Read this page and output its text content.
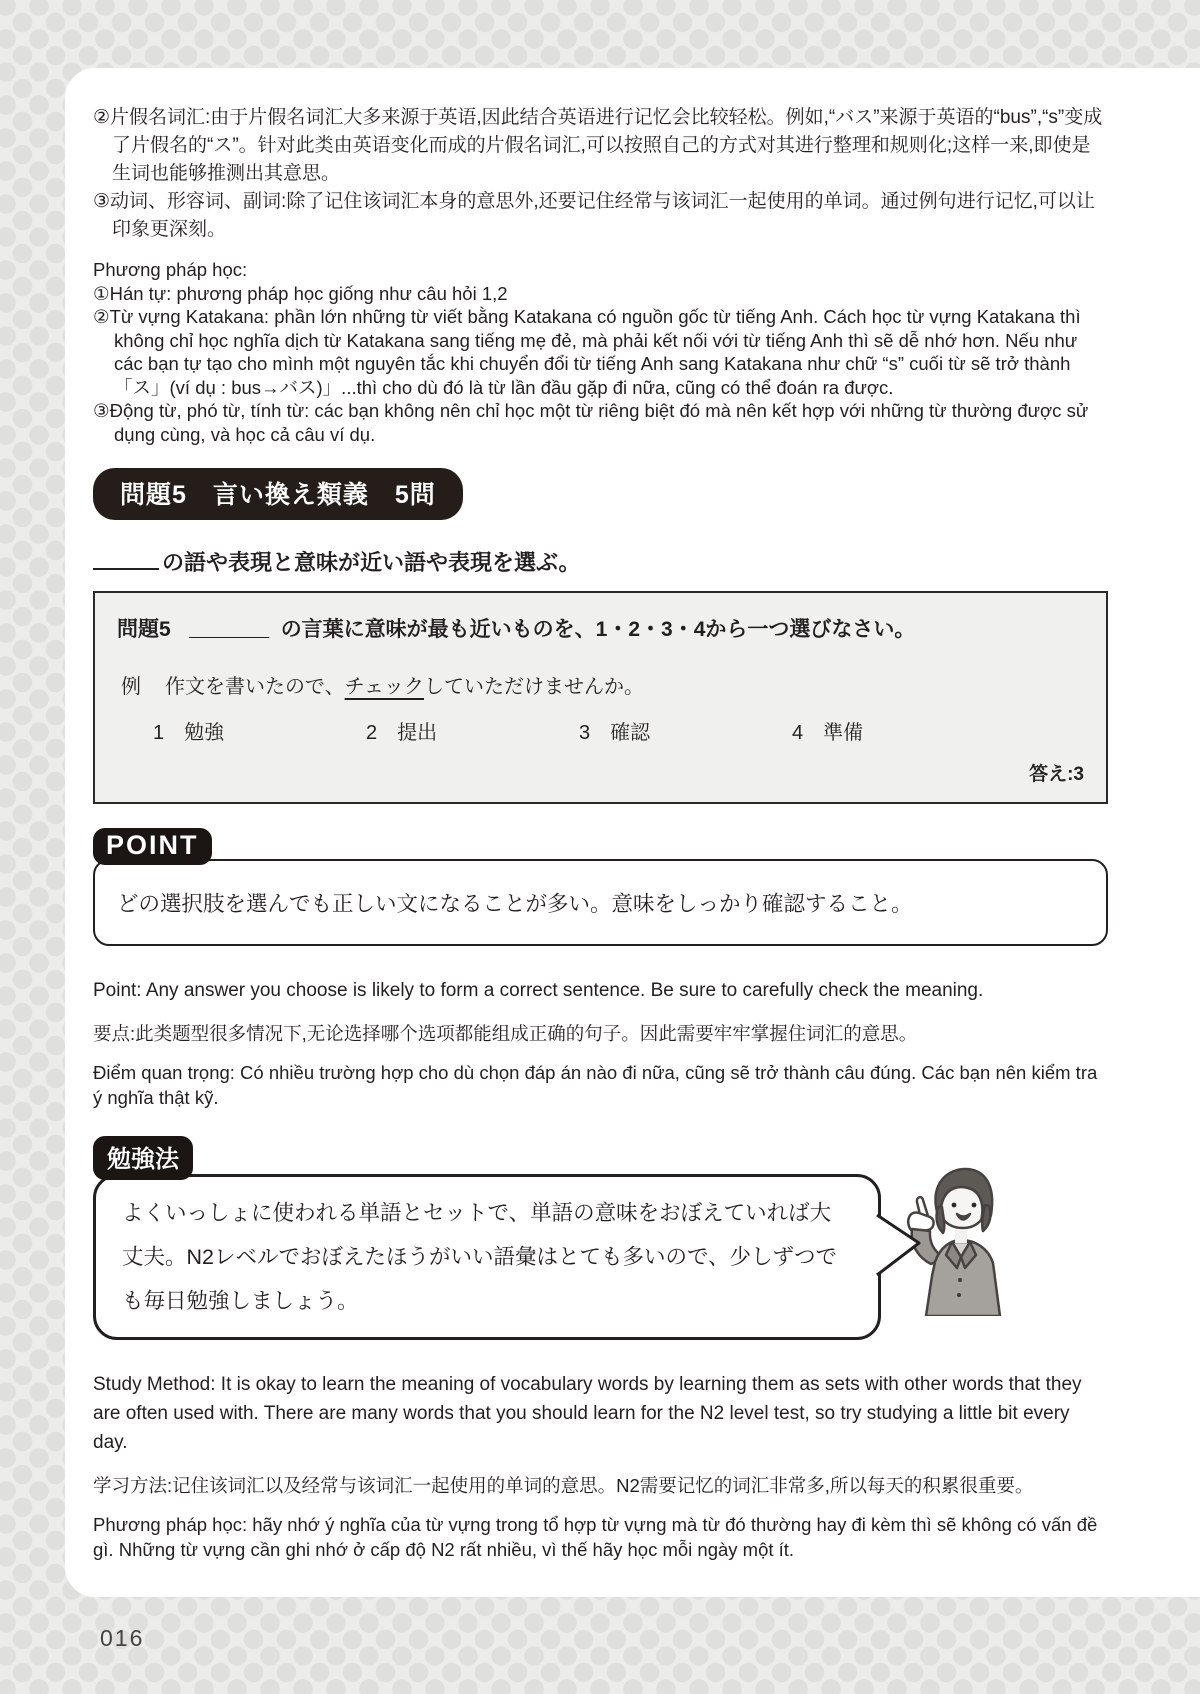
②片假名词汇:由于片假名词汇大多来源于英语,因此结合英语进行记忆会比较轻松。例如,“バス”来源于英语的“bus”,“s”变成了片假名的“ス”。针对此类由英语变化而成的片假名词汇,可以按照自己的方式对其进行整理和规则化;这样一来,即使是生词也能够推测出其意思。

③动词、形容词、副词:除了记住该词汇本身的意思外,还要记住经常与该词汇一起使用的单词。通过例句进行记忆,可以让印象更深刻。

Phương pháp học:

①Hán tự: phương pháp học giống như câu hỏi 1,2

②Từ vựng Katakana: phần lớn những từ viết bằng Katakana có nguồn gốc từ tiếng Anh. Cách học từ vựng Katakana thì không chỉ học nghĩa dịch từ Katakana sang tiếng mẹ đẻ, mà phải kết nối với từ tiếng Anh thì sẽ dễ nhớ hơn. Nếu như các bạn tự tạo cho mình một nguyên tắc khi chuyển đổi từ tiếng Anh sang Katakana như chữ “s” cuối từ sẽ trở thành 「ス」(ví dụ : bus→バス)」...thì cho dù đó là từ lần đầu gặp đi nữa, cũng có thể đoán ra được.

③Động từ, phó từ, tính từ: các bạn không nên chỉ học một từ riêng biệt đó mà nên kết hợp với những từ thường được sử dụng cùng, và học cả câu ví dụ.

問題5　言い換え類義　5問

の語や表現と意味が近い語や表現を選ぶ。

問題5	の言葉に意味が最も近いものを、1・2・3・4から一つ選びなさい。

例 作文を書いたので、チェックしていただけませんか。

1 勉強	2 提出	3 確認	4 準備

答え:3

POINT

どの選択肢を選んでも正しい文になることが多い。意味をしっかり確認すること。

Point: Any answer you choose is likely to form a correct sentence. Be sure to carefully check the meaning.

要点:此类题型很多情况下,无论选择哪个选项都能组成正确的句子。因此需要牢牢掌握住词汇的意思。

Điểm quan trọng: Có nhiều trường hợp cho dù chọn đáp án nào đi nữa, cũng sẽ trở thành câu đúng. Các bạn nên kiểm tra ý nghĩa thật kỹ.

勉強法

よくいっしょに使われる単語とセットで、単語の意味をおぼえていれば大丈夫。N2レベルでおぼえたほうがいい語彙はとても多いので、少しずつでも毎日勉強しましょう。

Study Method: It is okay to learn the meaning of vocabulary words by learning them as sets with other words that they are often used with. There are many words that you should learn for the N2 level test, so try studying a little bit every day.

学习方法:记住该词汇以及经常与该词汇一起使用的单词的意思。N2需要记忆的词汇非常多,所以每天的积累很重要。

Phương pháp học: hãy nhớ ý nghĩa của từ vựng trong tổ hợp từ vựng mà từ đó thường hay đi kèm thì sẽ không có vấn đề gì. Những từ vựng cần ghi nhớ ở cấp độ N2 rất nhiều, vì thế hãy học mỗi ngày một ít.

016
